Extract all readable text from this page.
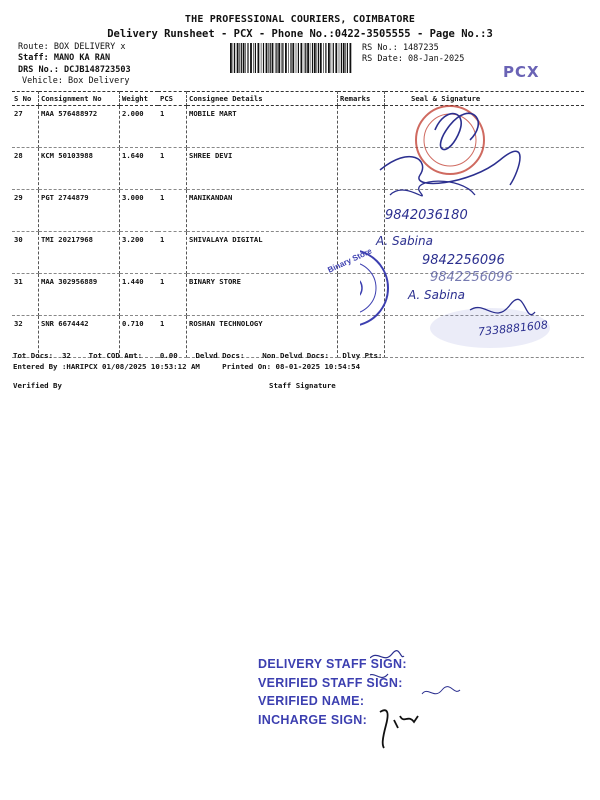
THE PROFESSIONAL COURIERS, COIMBATORE
Delivery Runsheet - PCX - Phone No.:0422-3505555 - Page No.:3
Route: BOX DELIVERY x
Staff: MANO KA RAN
DRS No.: DCJB148723503
Vehicle: Box Delivery
RS No.: 1487235
RS Date: 08-Jan-2025
PCX
S No	Consignment No	Weight	PCS	Consignee Details	Remarks	Seal & Signature
27	MAA 576488972	2.000	1	MOBILE MART		
28	KCM 50103988	1.640	1	SHREE DEVI		
29	PGT 2744879	3.000	1	MANIKANDAN		
30	TMI 20217968	3.200	1	SHIVALAYA DIGITAL		
31	MAA 302956889	1.440	1	BINARY STORE		
32	SNR 6674442	0.710	1	ROSHAN TECHNOLOGY		
9842036180
A. Sabina
9842256096
9842256096
A. Sabina
7338881608
Binary Store
Tot Docs:  32 Tot COD Amt:    0.00 Delvd Docs: Non Delvd Docs: Dlvy Pts:
Entered By :HARIPCX 01/08/2025 10:53:12 AM	Printed On: 08-01-2025 10:54:54
Verified By	Staff Signature
DELIVERY STAFF SIGN:
VERIFIED STAFF SIGN:
VERIFIED NAME:
INCHARGE SIGN:
